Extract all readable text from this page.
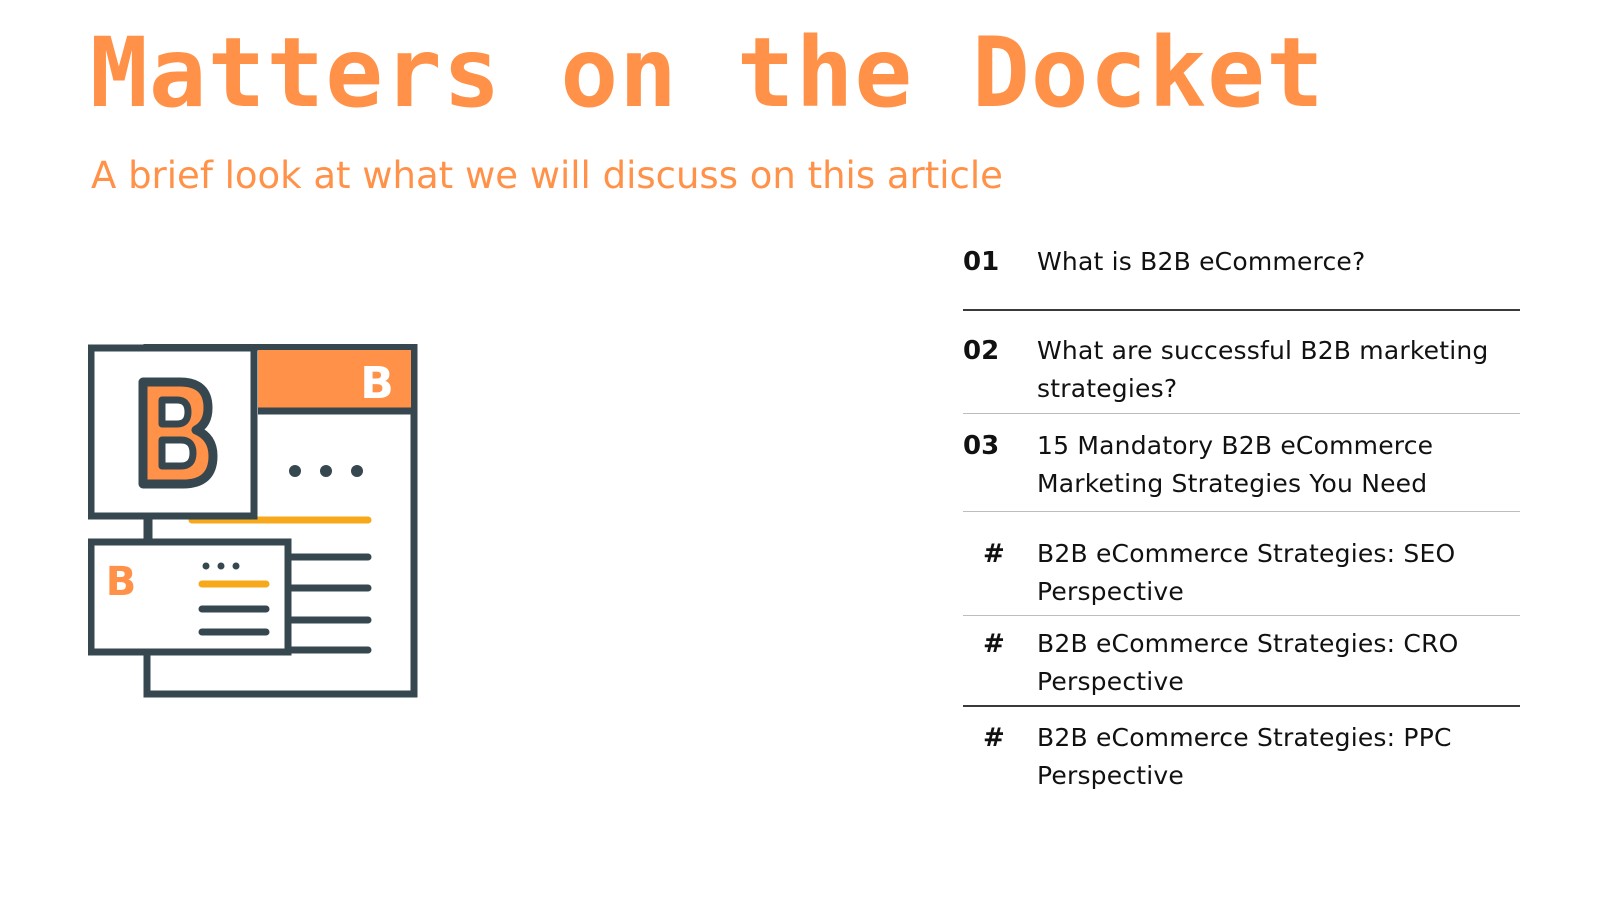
Matters on the Docket

A brief look at what we will discuss on this article

B
B
01	What is B2B eCommerce?
02	What are successful B2B marketing strategies?
03	15 Mandatory B2B eCommerce Marketing Strategies You Need
#	B2B eCommerce Strategies: SEO Perspective
#	B2B eCommerce Strategies: CRO Perspective
#	B2B eCommerce Strategies: PPC Perspective
